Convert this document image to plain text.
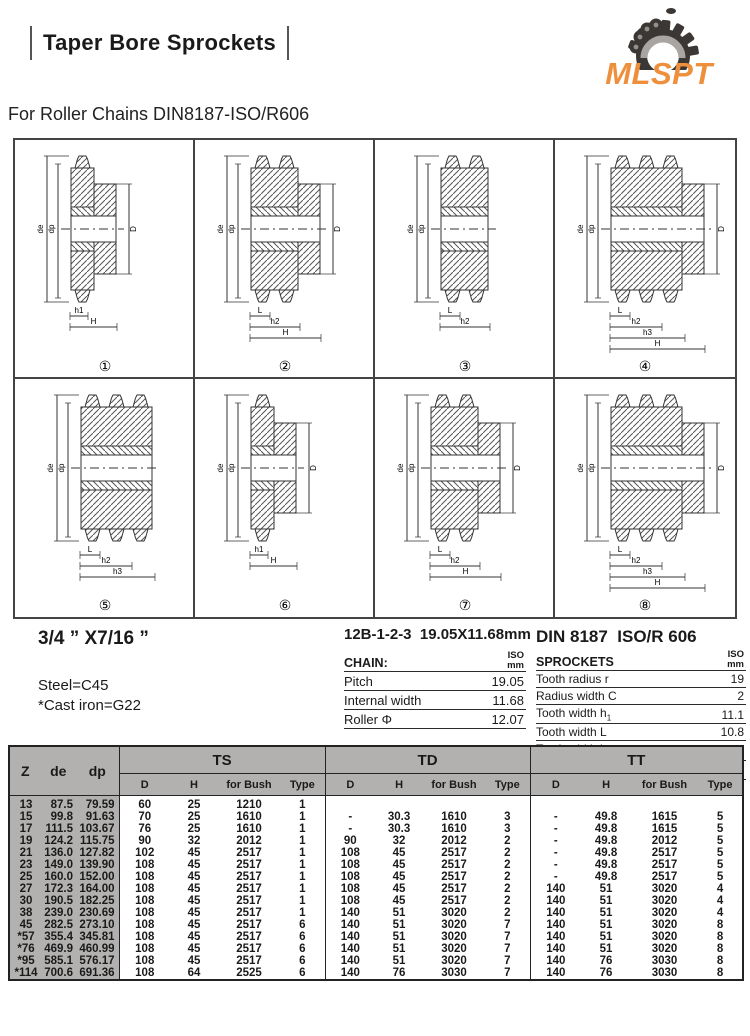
Taper Bore Sprockets
MLSPT
For Roller Chains DIN8187-ISO/R606
de dp	D
h1
H
①
de dp	D
L
h2
H
②
de dp
L
h2
③
de dp	D
L
h2
h3
H
④
de dp
L
h2
h3
⑤
de dp	D
h1
H
⑥
de dp	D
L
h2
H
⑦
de dp	D
L
h2
h3
H
⑧
3/4 ” X7/16 ”
Steel=C45
*Cast iron=G22
12B-1-2-3  19.05X11.68mm
CHAIN:
ISO
mm
Pitch	19.05
Internal width	11.68
Roller Φ	12.07
DIN 8187  ISO/R 606
SPROCKETS
ISO
mm
Tooth radius r	19
Radius width C	2
Tooth width $h_1$	11.1
Tooth width L	10.8
Z de dp			TS				TD				TT			
			D	H	for Bush	Type	D	H	for Bush	Type	D	H	for Bush	Type
13	87.5	79.59	60	25	1210	1								
15	99.8	91.63	70	25	1610	1	-	30.3	1610	3	-	49.8	1615	5
17	111.5	103.67	76	25	1610	1	-	30.3	1610	3	-	49.8	1615	5
19	124.2	115.75	90	32	2012	1	90	32	2012	2	-	49.8	2012	5
21	136.0	127.82	102	45	2517	1	108	45	2517	2	-	49.8	2517	5
23	149.0	139.90	108	45	2517	1	108	45	2517	2	-	49.8	2517	5
25	160.0	152.00	108	45	2517	1	108	45	2517	2	-	49.8	2517	5
27	172.3	164.00	108	45	2517	1	108	45	2517	2	140	51	3020	4
30	190.5	182.25	108	45	2517	1	108	45	2517	2	140	51	3020	4
38	239.0	230.69	108	45	2517	1	140	51	3020	2	140	51	3020	4
45	282.5	273.10	108	45	2517	6	140	51	3020	7	140	51	3020	8
*57	355.4	345.81	108	45	2517	6	140	51	3020	7	140	51	3020	8
*76	469.9	460.99	108	45	2517	6	140	51	3020	7	140	51	3020	8
*95	585.1	576.17	108	45	2517	6	140	51	3020	7	140	76	3030	8
*114	700.6	691.36	108	64	2525	6	140	76	3030	7	140	76	3030	8
